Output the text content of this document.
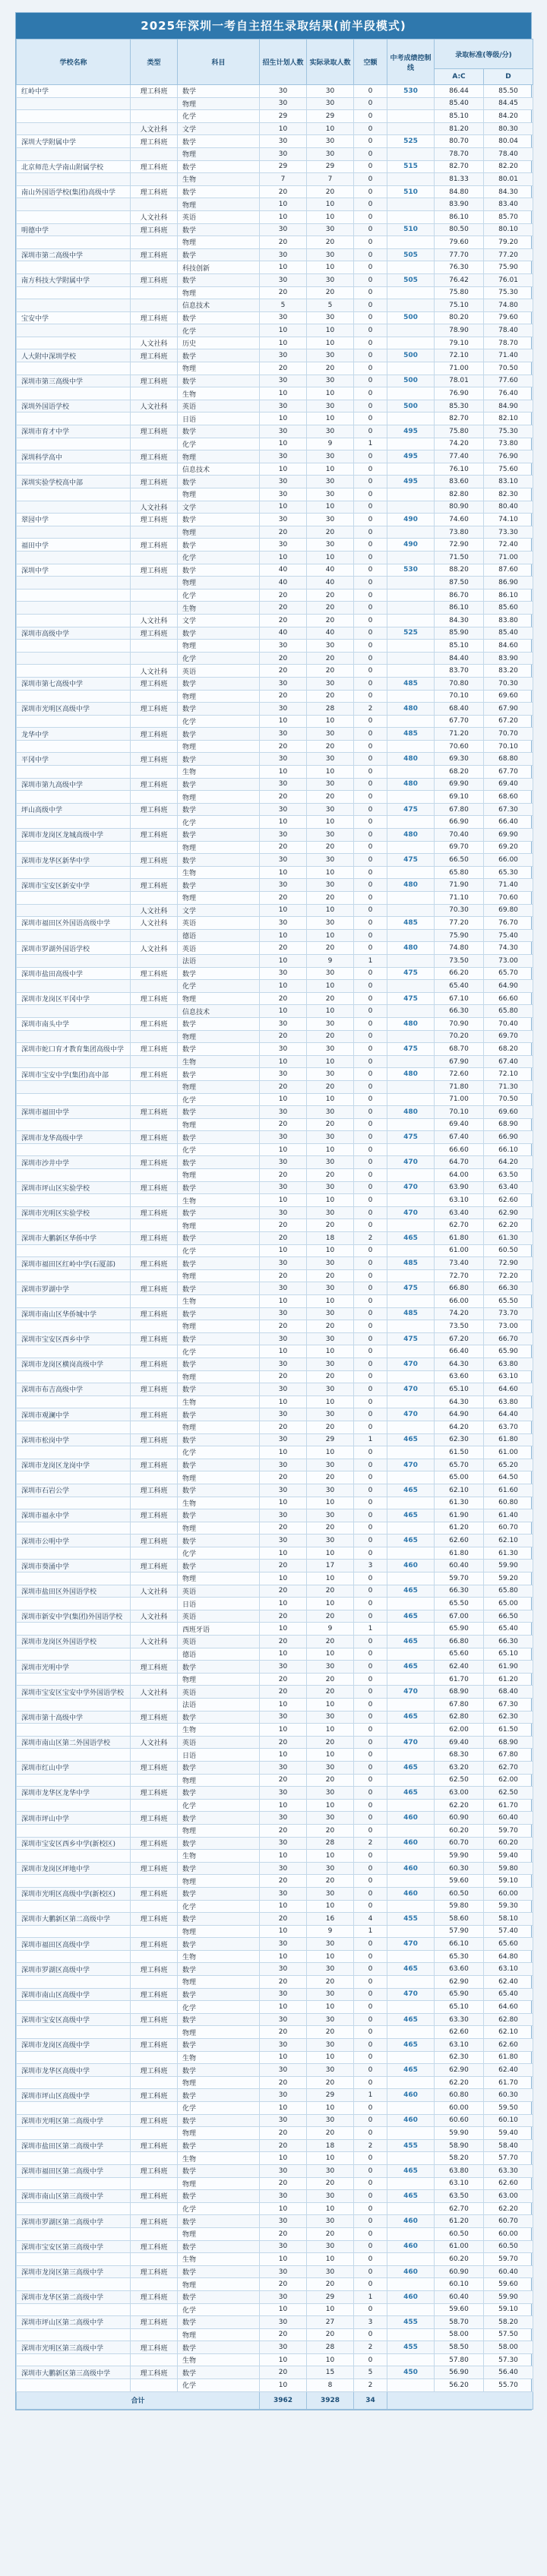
2025年深圳一考自主招生录取结果(前半段模式)
学校名称	类型	科目	招生计划人数	实际录取人数	空额	中考成绩控制线	录取标准(等级/分)	
							A:C	D
红岭中学	理工科班	数学	30	30	0	530	86.44	85.50
		物理	30	30	0		85.40	84.45
		化学	29	29	0		85.10	84.20
	人文社科	文学	10	10	0		81.20	80.30
深圳大学附属中学	理工科班	数学	30	30	0	525	80.70	80.04
		物理	30	30	0		78.70	78.40
北京师范大学南山附属学校	理工科班	数学	29	29	0	515	82.70	82.20
		生物	7	7	0		81.33	80.01
南山外国语学校(集团)高级中学	理工科班	数学	20	20	0	510	84.80	84.30
		物理	10	10	0		83.90	83.40
	人文社科	英语	10	10	0		86.10	85.70
明德中学	理工科班	数学	30	30	0	510	80.50	80.10
		物理	20	20	0		79.60	79.20
深圳市第二高级中学	理工科班	数学	30	30	0	505	77.70	77.20
		科技创新	10	10	0		76.30	75.90
南方科技大学附属中学	理工科班	数学	30	30	0	505	76.42	76.01
		物理	20	20	0		75.80	75.30
		信息技术	5	5	0		75.10	74.80
宝安中学	理工科班	数学	30	30	0	500	80.20	79.60
		化学	10	10	0		78.90	78.40
	人文社科	历史	10	10	0		79.10	78.70
人大附中深圳学校	理工科班	数学	30	30	0	500	72.10	71.40
		物理	20	20	0		71.00	70.50
深圳市第三高级中学	理工科班	数学	30	30	0	500	78.01	77.60
		生物	10	10	0		76.90	76.40
深圳外国语学校	人文社科	英语	30	30	0	500	85.30	84.90
		日语	10	10	0		82.70	82.10
深圳市育才中学	理工科班	数学	30	30	0	495	75.80	75.30
		化学	10	9	1		74.20	73.80
深圳科学高中	理工科班	物理	30	30	0	495	77.40	76.90
		信息技术	10	10	0		76.10	75.60
深圳实验学校高中部	理工科班	数学	30	30	0	495	83.60	83.10
		物理	30	30	0		82.80	82.30
	人文社科	文学	10	10	0		80.90	80.40
翠园中学	理工科班	数学	30	30	0	490	74.60	74.10
		物理	20	20	0		73.80	73.30
福田中学	理工科班	数学	30	30	0	490	72.90	72.40
		化学	10	10	0		71.50	71.00
深圳中学	理工科班	数学	40	40	0	530	88.20	87.60
		物理	40	40	0		87.50	86.90
		化学	20	20	0		86.70	86.10
		生物	20	20	0		86.10	85.60
	人文社科	文学	20	20	0		84.30	83.80
深圳市高级中学	理工科班	数学	40	40	0	525	85.90	85.40
		物理	30	30	0		85.10	84.60
		化学	20	20	0		84.40	83.90
	人文社科	英语	20	20	0		83.70	83.20
深圳市第七高级中学	理工科班	数学	30	30	0	485	70.80	70.30
		物理	20	20	0		70.10	69.60
深圳市光明区高级中学	理工科班	数学	30	28	2	480	68.40	67.90
		化学	10	10	0		67.70	67.20
龙华中学	理工科班	数学	30	30	0	485	71.20	70.70
		物理	20	20	0		70.60	70.10
平冈中学	理工科班	数学	30	30	0	480	69.30	68.80
		生物	10	10	0		68.20	67.70
深圳市第九高级中学	理工科班	数学	30	30	0	480	69.90	69.40
		物理	20	20	0		69.10	68.60
坪山高级中学	理工科班	数学	30	30	0	475	67.80	67.30
		化学	10	10	0		66.90	66.40
深圳市龙岗区龙城高级中学	理工科班	数学	30	30	0	480	70.40	69.90
		物理	20	20	0		69.70	69.20
深圳市龙华区新华中学	理工科班	数学	30	30	0	475	66.50	66.00
		生物	10	10	0		65.80	65.30
深圳市宝安区新安中学	理工科班	数学	30	30	0	480	71.90	71.40
		物理	20	20	0		71.10	70.60
	人文社科	文学	10	10	0		70.30	69.80
深圳市福田区外国语高级中学	人文社科	英语	30	30	0	485	77.20	76.70
		德语	10	10	0		75.90	75.40
深圳市罗湖外国语学校	人文社科	英语	20	20	0	480	74.80	74.30
		法语	10	9	1		73.50	73.00
深圳市盐田高级中学	理工科班	数学	30	30	0	475	66.20	65.70
		化学	10	10	0		65.40	64.90
深圳市龙岗区平冈中学	理工科班	物理	20	20	0	475	67.10	66.60
		信息技术	10	10	0		66.30	65.80
深圳市南头中学	理工科班	数学	30	30	0	480	70.90	70.40
		物理	20	20	0		70.20	69.70
深圳市蛇口育才教育集团高级中学	理工科班	数学	30	30	0	475	68.70	68.20
		生物	10	10	0		67.90	67.40
深圳市宝安中学(集团)高中部	理工科班	数学	30	30	0	480	72.60	72.10
		物理	20	20	0		71.80	71.30
		化学	10	10	0		71.00	70.50
深圳市福田中学	理工科班	数学	30	30	0	480	70.10	69.60
		物理	20	20	0		69.40	68.90
深圳市龙华高级中学	理工科班	数学	30	30	0	475	67.40	66.90
		化学	10	10	0		66.60	66.10
深圳市沙井中学	理工科班	数学	30	30	0	470	64.70	64.20
		物理	20	20	0		64.00	63.50
深圳市坪山区实验学校	理工科班	数学	30	30	0	470	63.90	63.40
		生物	10	10	0		63.10	62.60
深圳市光明区实验学校	理工科班	数学	30	30	0	470	63.40	62.90
		物理	20	20	0		62.70	62.20
深圳市大鹏新区华侨中学	理工科班	数学	20	18	2	465	61.80	61.30
		化学	10	10	0		61.00	60.50
深圳市福田区红岭中学(石厦部)	理工科班	数学	30	30	0	485	73.40	72.90
		物理	20	20	0		72.70	72.20
深圳市罗湖中学	理工科班	数学	30	30	0	475	66.80	66.30
		生物	10	10	0		66.00	65.50
深圳市南山区华侨城中学	理工科班	数学	30	30	0	485	74.20	73.70
		物理	20	20	0		73.50	73.00
深圳市宝安区西乡中学	理工科班	数学	30	30	0	475	67.20	66.70
		化学	10	10	0		66.40	65.90
深圳市龙岗区横岗高级中学	理工科班	数学	30	30	0	470	64.30	63.80
		物理	20	20	0		63.60	63.10
深圳市布吉高级中学	理工科班	数学	30	30	0	470	65.10	64.60
		生物	10	10	0		64.30	63.80
深圳市观澜中学	理工科班	数学	30	30	0	470	64.90	64.40
		物理	20	20	0		64.20	63.70
深圳市松岗中学	理工科班	数学	30	29	1	465	62.30	61.80
		化学	10	10	0		61.50	61.00
深圳市龙岗区龙岗中学	理工科班	数学	30	30	0	470	65.70	65.20
		物理	20	20	0		65.00	64.50
深圳市石岩公学	理工科班	数学	30	30	0	465	62.10	61.60
		生物	10	10	0		61.30	60.80
深圳市福永中学	理工科班	数学	30	30	0	465	61.90	61.40
		物理	20	20	0		61.20	60.70
深圳市公明中学	理工科班	数学	30	30	0	465	62.60	62.10
		化学	10	10	0		61.80	61.30
深圳市葵涌中学	理工科班	数学	20	17	3	460	60.40	59.90
		物理	10	10	0		59.70	59.20
深圳市盐田区外国语学校	人文社科	英语	20	20	0	465	66.30	65.80
		日语	10	10	0		65.50	65.00
深圳市新安中学(集团)外国语学校	人文社科	英语	20	20	0	465	67.00	66.50
		西班牙语	10	9	1		65.90	65.40
深圳市龙岗区外国语学校	人文社科	英语	20	20	0	465	66.80	66.30
		德语	10	10	0		65.60	65.10
深圳市光明中学	理工科班	数学	30	30	0	465	62.40	61.90
		物理	20	20	0		61.70	61.20
深圳市宝安区宝安中学外国语学校	人文社科	英语	20	20	0	470	68.90	68.40
		法语	10	10	0		67.80	67.30
深圳市第十高级中学	理工科班	数学	30	30	0	465	62.80	62.30
		生物	10	10	0		62.00	61.50
深圳市南山区第二外国语学校	人文社科	英语	20	20	0	470	69.40	68.90
		日语	10	10	0		68.30	67.80
深圳市红山中学	理工科班	数学	30	30	0	465	63.20	62.70
		物理	20	20	0		62.50	62.00
深圳市龙华区龙华中学	理工科班	数学	30	30	0	465	63.00	62.50
		化学	10	10	0		62.20	61.70
深圳市坪山中学	理工科班	数学	30	30	0	460	60.90	60.40
		物理	20	20	0		60.20	59.70
深圳市宝安区西乡中学(新校区)	理工科班	数学	30	28	2	460	60.70	60.20
		生物	10	10	0		59.90	59.40
深圳市龙岗区坪地中学	理工科班	数学	30	30	0	460	60.30	59.80
		物理	20	20	0		59.60	59.10
深圳市光明区高级中学(新校区)	理工科班	数学	30	30	0	460	60.50	60.00
		化学	10	10	0		59.80	59.30
深圳市大鹏新区第二高级中学	理工科班	数学	20	16	4	455	58.60	58.10
		物理	10	9	1		57.90	57.40
深圳市福田区高级中学	理工科班	数学	30	30	0	470	66.10	65.60
		生物	10	10	0		65.30	64.80
深圳市罗湖区高级中学	理工科班	数学	30	30	0	465	63.60	63.10
		物理	20	20	0		62.90	62.40
深圳市南山区高级中学	理工科班	数学	30	30	0	470	65.90	65.40
		化学	10	10	0		65.10	64.60
深圳市宝安区高级中学	理工科班	数学	30	30	0	465	63.30	62.80
		物理	20	20	0		62.60	62.10
深圳市龙岗区高级中学	理工科班	数学	30	30	0	465	63.10	62.60
		生物	10	10	0		62.30	61.80
深圳市龙华区高级中学	理工科班	数学	30	30	0	465	62.90	62.40
		物理	20	20	0		62.20	61.70
深圳市坪山区高级中学	理工科班	数学	30	29	1	460	60.80	60.30
		化学	10	10	0		60.00	59.50
深圳市光明区第二高级中学	理工科班	数学	30	30	0	460	60.60	60.10
		物理	20	20	0		59.90	59.40
深圳市盐田区第二高级中学	理工科班	数学	20	18	2	455	58.90	58.40
		生物	10	10	0		58.20	57.70
深圳市福田区第二高级中学	理工科班	数学	30	30	0	465	63.80	63.30
		物理	20	20	0		63.10	62.60
深圳市南山区第三高级中学	理工科班	数学	30	30	0	465	63.50	63.00
		化学	10	10	0		62.70	62.20
深圳市罗湖区第二高级中学	理工科班	数学	30	30	0	460	61.20	60.70
		物理	20	20	0		60.50	60.00
深圳市宝安区第三高级中学	理工科班	数学	30	30	0	460	61.00	60.50
		生物	10	10	0		60.20	59.70
深圳市龙岗区第三高级中学	理工科班	数学	30	30	0	460	60.90	60.40
		物理	20	20	0		60.10	59.60
深圳市龙华区第二高级中学	理工科班	数学	30	29	1	460	60.40	59.90
		化学	10	10	0		59.60	59.10
深圳市坪山区第二高级中学	理工科班	数学	30	27	3	455	58.70	58.20
		物理	20	20	0		58.00	57.50
深圳市光明区第三高级中学	理工科班	数学	30	28	2	455	58.50	58.00
		生物	10	10	0		57.80	57.30
深圳市大鹏新区第三高级中学	理工科班	数学	20	15	5	450	56.90	56.40
		化学	10	8	2		56.20	55.70
合计			3962	3928	34			
